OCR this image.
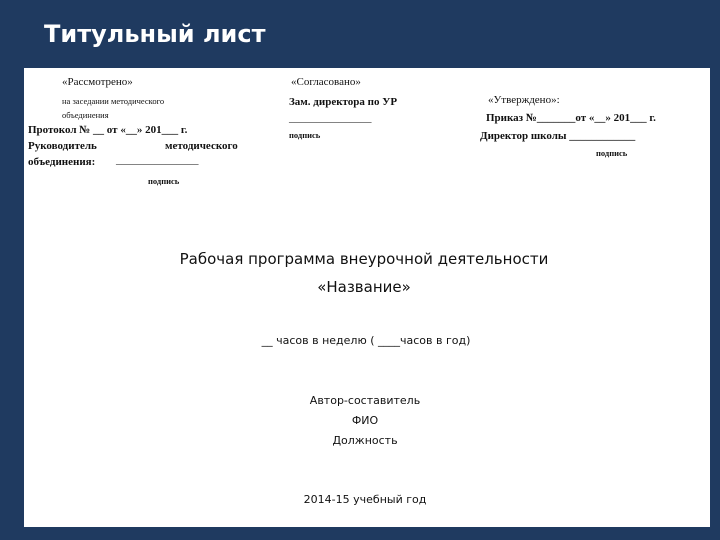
Титульный лист
«Рассмотрено»
на заседании методического
объединения
Протокол № __ от «__» 201___ г.
Руководитель	методического
объединения: _______________
подпись
«Согласовано»
Зам. директора по УР
_______________
подпись
«Утверждено»:
Приказ №_______от «__» 201___ г.
Директор школы ____________
подпись
Рабочая программа внеурочной деятельности
«Название»
__ часов в неделю ( ____часов в год)
Автор-составитель
ФИО
Должность
2014-15 учебный год
